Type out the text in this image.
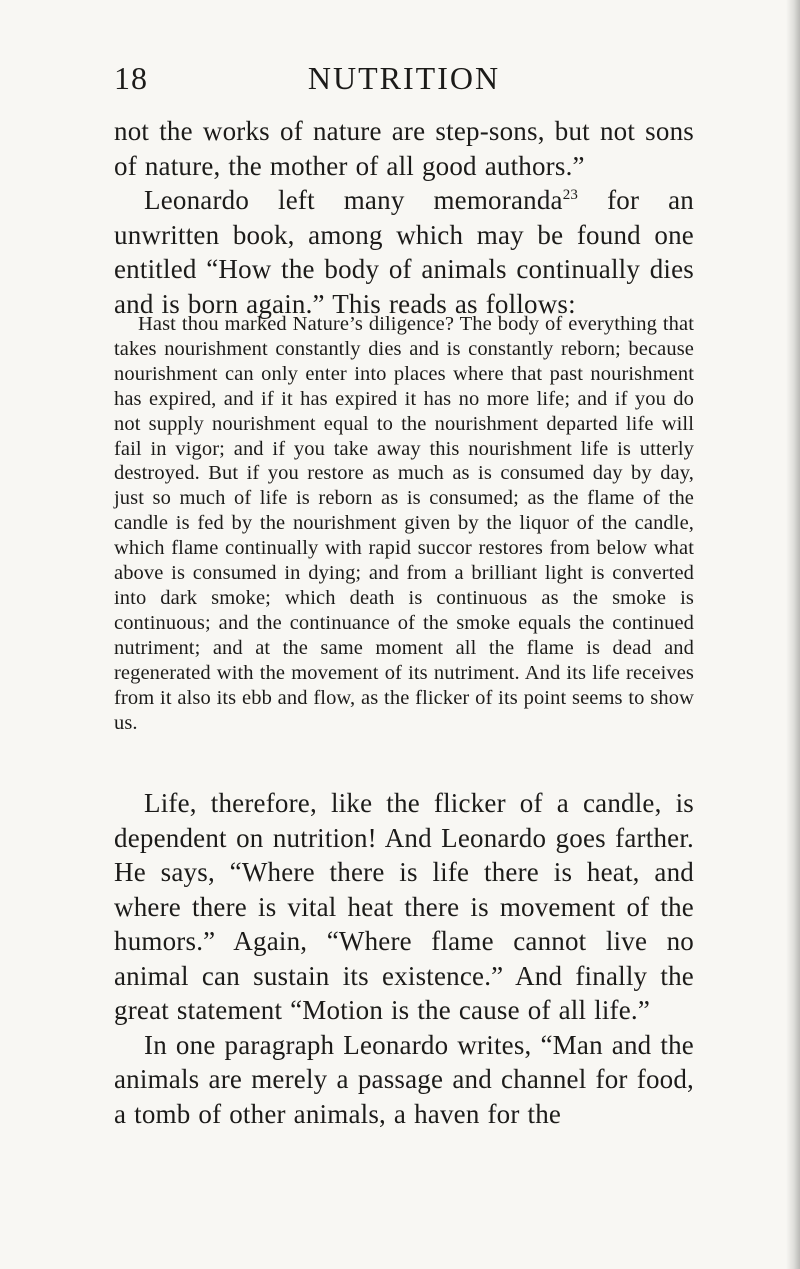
18	NUTRITION

not the works of nature are step-sons, but not sons of nature, the mother of all good authors.”

Leonardo left many memoranda$^{23}$ for an unwritten book, among which may be found one entitled “How the body of animals continually dies and is born again.” This reads as follows:

Hast thou marked Nature’s diligence? The body of everything that takes nourishment constantly dies and is constantly reborn; because nourishment can only enter into places where that past nourishment has expired, and if it has expired it has no more life; and if you do not supply nourishment equal to the nourishment departed life will fail in vigor; and if you take away this nourishment life is utterly destroyed. But if you restore as much as is consumed day by day, just so much of life is reborn as is consumed; as the flame of the candle is fed by the nourishment given by the liquor of the candle, which flame continually with rapid succor restores from below what above is consumed in dying; and from a brilliant light is converted into dark smoke; which death is continuous as the smoke is continuous; and the continuance of the smoke equals the continued nutriment; and at the same moment all the flame is dead and regenerated with the movement of its nutriment. And its life receives from it also its ebb and flow, as the flicker of its point seems to show us.

Life, therefore, like the flicker of a candle, is dependent on nutrition! And Leonardo goes farther. He says, “Where there is life there is heat, and where there is vital heat there is movement of the humors.” Again, “Where flame cannot live no animal can sustain its existence.” And finally the great statement “Motion is the cause of all life.”

In one paragraph Leonardo writes, “Man and the animals are merely a passage and channel for food, a tomb of other animals, a haven for the
